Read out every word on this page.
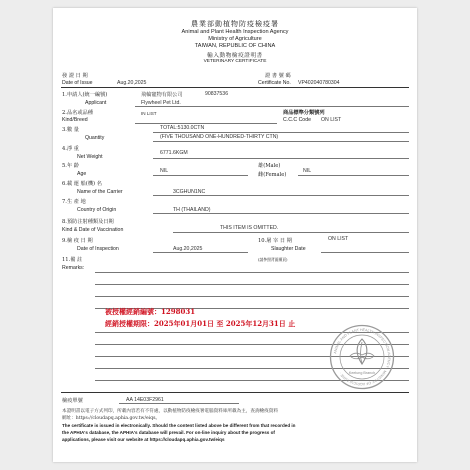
農業部動植物防疫檢疫署
Animal and Plant Health Inspection Agency
Ministry of Agriculture
TAIWAN, REPUBLIC OF CHINA
輸入動物檢疫證明書
VETERINARY CERTIFICATE
發 證 日 期
Date of Issue	Aug.20,2025
證 書 號 碼
Certificate No. VP402040780304
1.申請人(統一編號)	飛輪寵物有限公司	90837536
Applicant	Flywheel Pet Ltd.
2.品名或品種
Kind/Breed
IN LIST	商品標準分類號列
C.C.C Code ON LIST
3.數 量
Quantity
TOTAL:5130.0CTN
(FIVE THOUSAND ONE-HUNDRED-THIRTY CTN)
4.淨 重
Net Weight
6771.6KGM
5.年 齡
Age	NIL
雄(Male)
雌(Female)
NIL
6.載 運 船(機) 名
Name of the Carrier	3CGHUN1NC
7.生 產 地
Country of Origin	TH (THAILAND)
8.預防注射種類及日期
Kind & Date of Vaccination	THIS ITEM IS OMITTED.
9.檢 疫 日 期
Date of Inspection	Aug.20,2025
10.屠 宰 日 期
Slaughter Date
ON LIST
11.備 註	(請參照背面續頁)
Remarks:
被授權經銷編號：1298031
經銷授權期限：2025年01月01日 至 2025年12月31日 止
ANIMAL AND PLANT HEALTH INSPECTION AGENCY · MINISTRY OF AGRICULTURE ·	Keelung Branch
檢疫單號	AA 14E03F2961
本證明書以電子方式列印，所載內容若有不符處，以動植物防疫檢疫署電腦資料庫所載為主，查詢檢疫資料
網址：https://cloudapq.aphia.gov.tw/eiqs。
The certificate is issued in electronically. Should the content listed above be different from that recorded in
the APHIA's database, the APHIA's database will prevail. For on-line inquiry about the progress of
applications, please visit our website at https://cloudapq.aphia.gov.tw/eiqs
